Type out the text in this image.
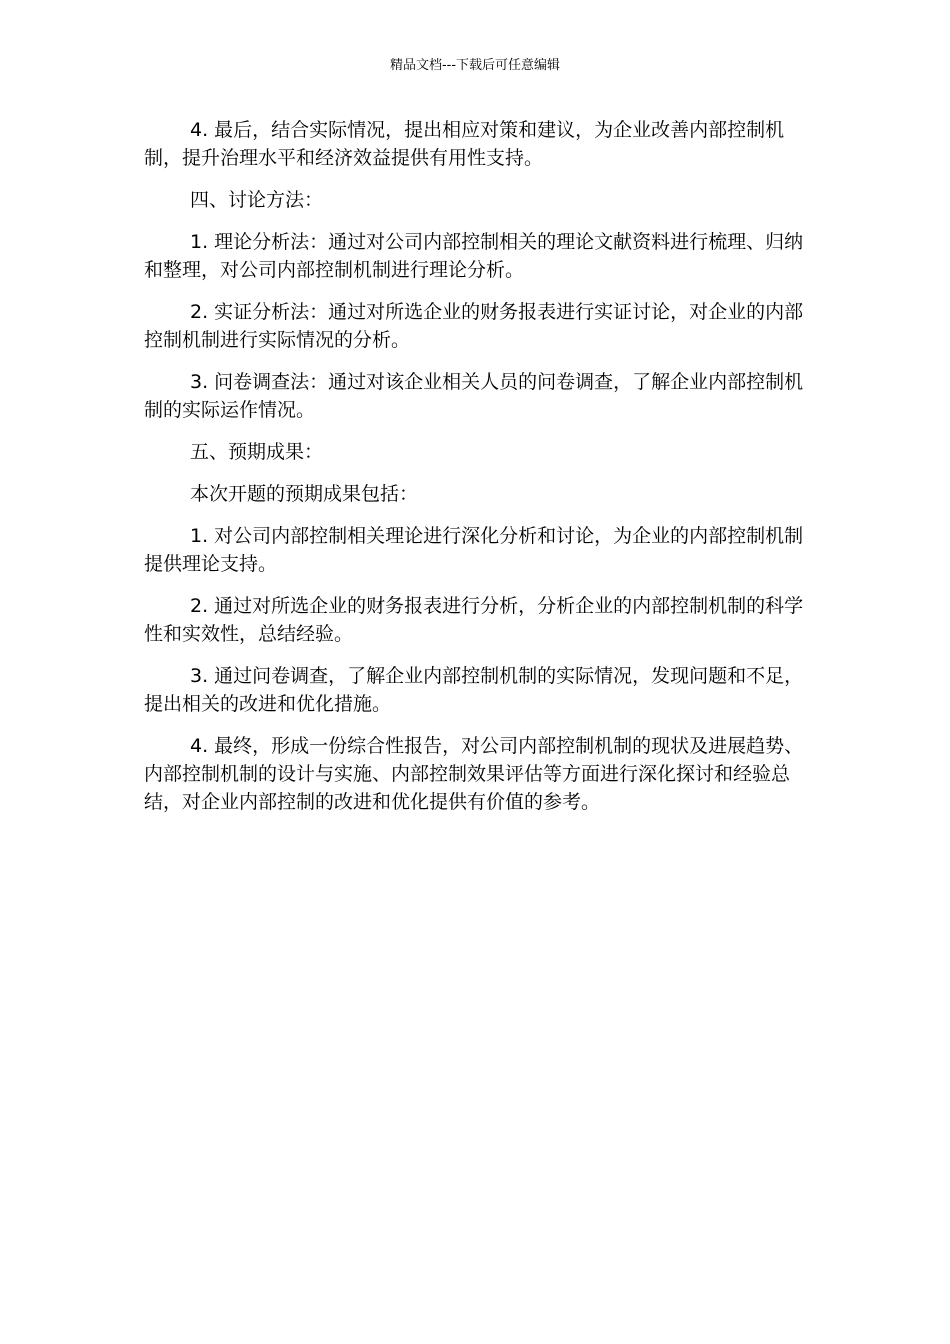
精品文档---下载后可任意编辑

4. 最后，结合实际情况，提出相应对策和建议，为企业改善内部控制机制，提升治理水平和经济效益提供有用性支持。

四、讨论方法：

1. 理论分析法：通过对公司内部控制相关的理论文献资料进行梳理、归纳和整理，对公司内部控制机制进行理论分析。

2. 实证分析法：通过对所选企业的财务报表进行实证讨论，对企业的内部控制机制进行实际情况的分析。

3. 问卷调查法：通过对该企业相关人员的问卷调查，了解企业内部控制机制的实际运作情况。

五、预期成果：

本次开题的预期成果包括：

1. 对公司内部控制相关理论进行深化分析和讨论，为企业的内部控制机制提供理论支持。

2. 通过对所选企业的财务报表进行分析，分析企业的内部控制机制的科学性和实效性，总结经验。

3. 通过问卷调查，了解企业内部控制机制的实际情况，发现问题和不足，提出相关的改进和优化措施。

4. 最终，形成一份综合性报告，对公司内部控制机制的现状及进展趋势、内部控制机制的设计与实施、内部控制效果评估等方面进行深化探讨和经验总结，对企业内部控制的改进和优化提供有价值的参考。
